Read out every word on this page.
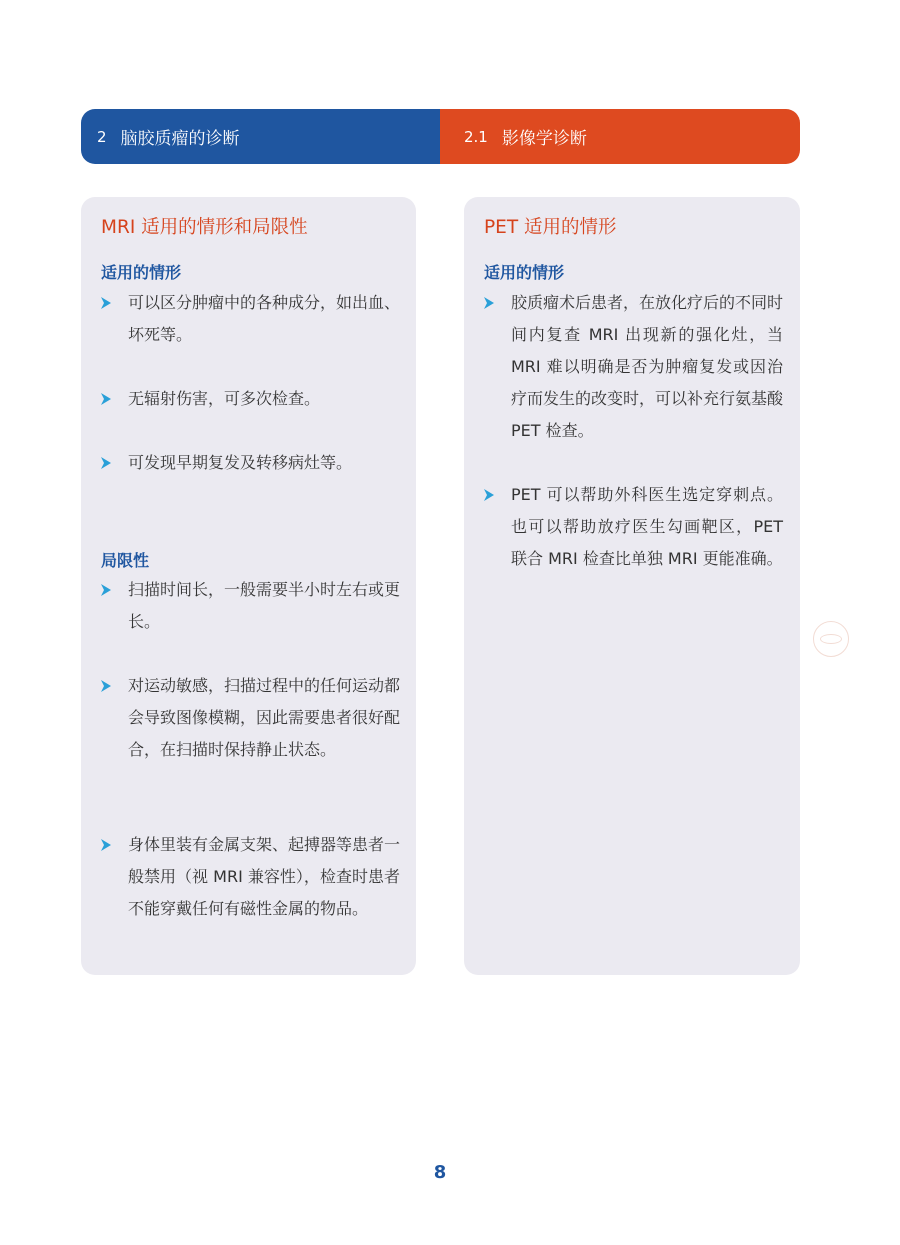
2 脑胶质瘤的诊断	2.1 影像学诊断
MRI 适用的情形和局限性
适用的情形
可以区分肿瘤中的各种成分，如出血、坏死等。
无辐射伤害，可多次检查。
可发现早期复发及转移病灶等。
局限性
扫描时间长，一般需要半小时左右或更长。
对运动敏感，扫描过程中的任何运动都会导致图像模糊，因此需要患者很好配合，在扫描时保持静止状态。
身体里装有金属支架、起搏器等患者一般禁用（视 MRI 兼容性），检查时患者不能穿戴任何有磁性金属的物品。
PET 适用的情形
适用的情形
胶质瘤术后患者，在放化疗后的不同时间内复查 MRI 出现新的强化灶，当 MRI 难以明确是否为肿瘤复发或因治疗而发生的改变时，可以补充行氨基酸 PET 检查。
PET 可以帮助外科医生选定穿刺点。也可以帮助放疗医生勾画靶区，PET 联合 MRI 检查比单独 MRI 更能准确。
8
